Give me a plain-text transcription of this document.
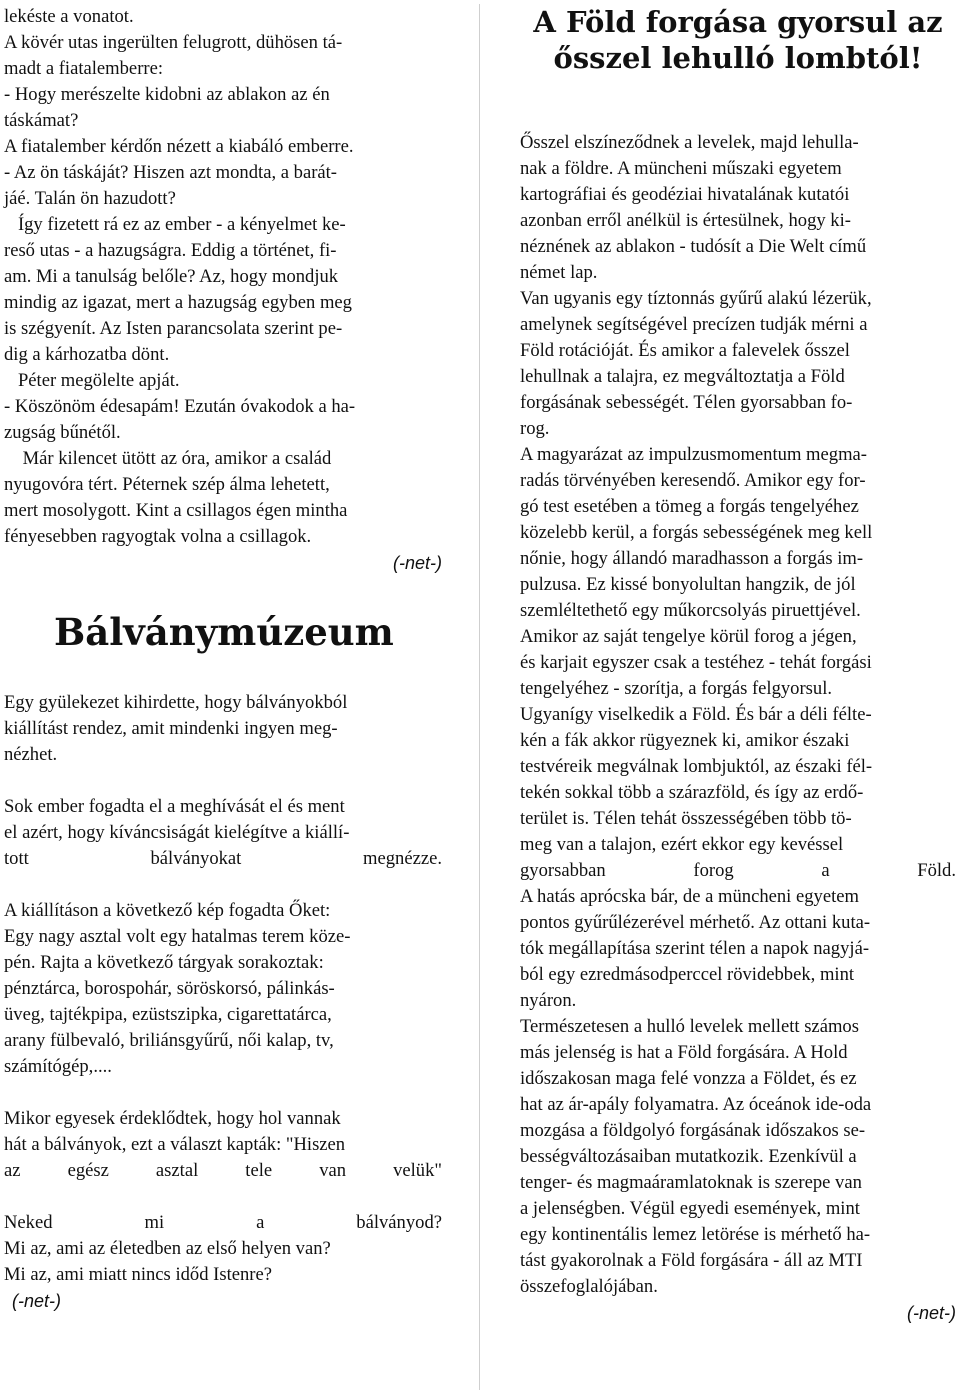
lekéste a vonatot.
A kövér utas ingerülten felugrott, dühösen tá-
madt a fiatalemberre:
- Hogy merészelte kidobni az ablakon az én
táskámat?
A fiatalember kérdőn nézett a kiabáló emberre.
- Az ön táskáját? Hiszen azt mondta, a barát-
jáé. Talán ön hazudott?
Így fizetett rá ez az ember - a kényelmet ke-
reső utas - a hazugságra. Eddig a történet, fi-
am. Mi a tanulság belőle? Az, hogy mondjuk
mindig az igazat, mert a hazugság egyben meg
is szégyenít. Az Isten parancsolata szerint pe-
dig a kárhozatba dönt.
Péter megölelte apját.
- Köszönöm édesapám! Ezután óvakodok a ha-
zugság bűnétől.
Már kilencet ütött az óra, amikor a család
nyugovóra tért. Péternek szép álma lehetett,
mert mosolygott. Kint a csillagos égen mintha
fényesebben ragyogtak volna a csillagok.
(-net-)
Bálványmúzeum
Egy gyülekezet kihirdette, hogy bálványokból
kiállítást rendez, amit mindenki ingyen meg-
nézhet.
Sok ember fogadta el a meghívását el és ment
el azért, hogy kíváncsiságát kielégítve a kiállí-
tott bálványokat megnézze.
A kiállításon a következő kép fogadta Őket:
Egy nagy asztal volt egy hatalmas terem köze-
pén. Rajta a következő tárgyak sorakoztak:
pénztárca, borospohár, söröskorsó, pálinkás-
üveg, tajtékpipa, ezüstszipka, cigarettatárca,
arany fülbevaló, briliánsgyűrű, női kalap, tv,
számítógép,....
Mikor egyesek érdeklődtek, hogy hol vannak
hát a bálványok, ezt a választ kapták: "Hiszen
az egész asztal tele van velük"
Neked mi a bálványod?
Mi az, ami az életedben az első helyen van?
Mi az, ami miatt nincs időd Istenre?
(-net-)
A Föld forgása gyorsul az ősszel lehulló lombtól!
Ősszel elszíneződnek a levelek, majd lehulla-
nak a földre. A müncheni műszaki egyetem
kartográfiai és geodéziai hivatalának kutatói
azonban erről anélkül is értesülnek, hogy ki-
néznének az ablakon - tudósít a Die Welt című
német lap.
Van ugyanis egy tíztonnás gyűrű alakú lézerük,
amelynek segítségével precízen tudják mérni a
Föld rotációját. És amikor a falevelek ősszel
lehullnak a talajra, ez megváltoztatja a Föld
forgásának sebességét. Télen gyorsabban fo-
rog.
A magyarázat az impulzusmomentum megma-
radás törvényében keresendő. Amikor egy for-
gó test esetében a tömeg a forgás tengelyéhez
közelebb kerül, a forgás sebességének meg kell
nőnie, hogy állandó maradhasson a forgás im-
pulzusa. Ez kissé bonyolultan hangzik, de jól
szemléltethető egy műkorcsolyás piruettjével.
Amikor az saját tengelye körül forog a jégen,
és karjait egyszer csak a testéhez - tehát forgási
tengelyéhez - szorítja, a forgás felgyorsul.
Ugyanígy viselkedik a Föld. És bár a déli félte-
kén a fák akkor rügyeznek ki, amikor északi
testvéreik megválnak lombjuktól, az északi fél-
tekén sokkal több a szárazföld, és így az erdő-
terület is. Télen tehát összességében több tö-
meg van a talajon, ezért ekkor egy kevéssel
gyorsabban forog a Föld.
A hatás aprócska bár, de a müncheni egyetem
pontos gyűrűlézerével mérhető. Az ottani kuta-
tók megállapítása szerint télen a napok nagyjá-
ból egy ezredmásodperccel rövidebbek, mint
nyáron.
Természetesen a hulló levelek mellett számos
más jelenség is hat a Föld forgására. A Hold
időszakosan maga felé vonzza a Földet, és ez
hat az ár-apály folyamatra. Az óceánok ide-oda
mozgása a földgolyó forgásának időszakos se-
bességváltozásaiban mutatkozik. Ezenkívül a
tenger- és magmaáramlatoknak is szerepe van
a jelenségben. Végül egyedi események, mint
egy kontinentális lemez letörése is mérhető ha-
tást gyakorolnak a Föld forgására - áll az MTI
összefoglalójában.
(-net-)
